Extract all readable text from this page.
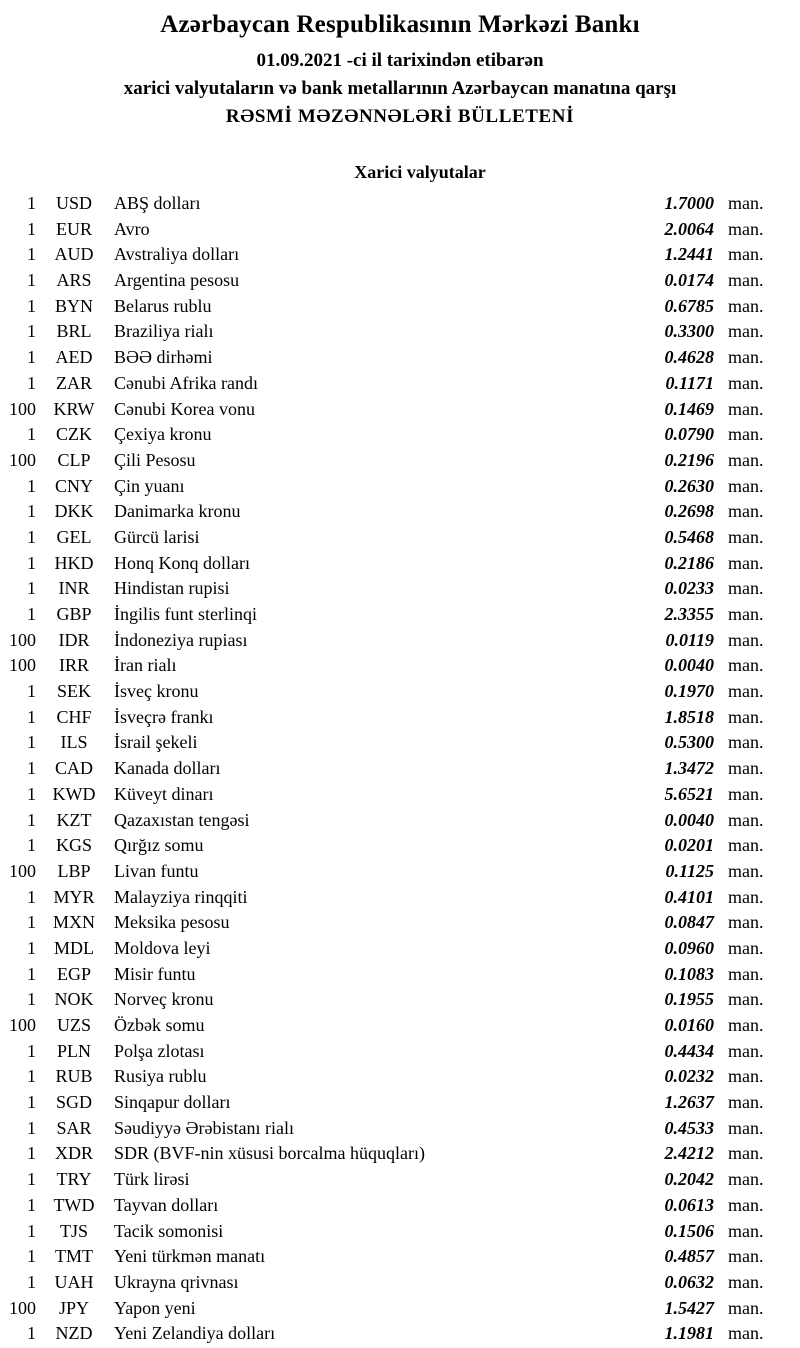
Azərbaycan Respublikasının Mərkəzi Bankı
01.09.2021 -ci il tarixindən etibarən
xarici valyutaların və bank metallarının Azərbaycan manatına qarşı
RƏSMİ MƏZƏNNƏLƏRİ BÜLLETENİ
Xarici valyutalar
1	USD	ABŞ dolları	1.7000 man.
1	EUR	Avro	2.0064 man.
1	AUD	Avstraliya dolları	1.2441 man.
1	ARS	Argentina pesosu	0.0174 man.
1	BYN	Belarus rublu	0.6785 man.
1	BRL	Braziliya rialı	0.3300 man.
1	AED	BƏƏ dirhəmi	0.4628 man.
1	ZAR	Cənubi Afrika randı	0.1171 man.
100 KRW	Cənubi Korea vonu	0.1469 man.
1	CZK	Çexiya kronu	0.0790 man.
100	CLP	Çili Pesosu	0.2196 man.
1	CNY	Çin yuanı	0.2630 man.
1	DKK	Danimarka kronu	0.2698 man.
1	GEL	Gürcü larisi	0.5468 man.
1	HKD	Honq Konq dolları	0.2186 man.
1	INR	Hindistan rupisi	0.0233 man.
1	GBP	İngilis funt sterlinqi	2.3355 man.
100	IDR	İndoneziya rupiası	0.0119 man.
100	IRR	İran rialı	0.0040 man.
1	SEK	İsveç kronu	0.1970 man.
1	CHF	İsveçrə frankı	1.8518 man.
1	ILS	İsrail şekeli	0.5300 man.
1	CAD	Kanada dolları	1.3472 man.
1 KWD	Küveyt dinarı	5.6521 man.
1	KZT	Qazaxıstan tengəsi	0.0040 man.
1	KGS	Qırğız somu	0.0201 man.
100	LBP	Livan funtu	0.1125 man.
1 MYR	Malayziya rinqqiti	0.4101 man.
1 MXN	Meksika pesosu	0.0847 man.
1	MDL	Moldova leyi	0.0960 man.
1	EGP	Misir funtu	0.1083 man.
1	NOK	Norveç kronu	0.1955 man.
100	UZS	Özbək somu	0.0160 man.
1	PLN	Polşa zlotası	0.4434 man.
1	RUB	Rusiya rublu	0.0232 man.
1	SGD	Sinqapur dolları	1.2637 man.
1	SAR	Səudiyyə Ərəbistanı rialı	0.4533 man.
1	XDR	SDR (BVF-nin xüsusi borcalma hüquqları)	2.4212 man.
1	TRY	Türk lirəsi	0.2042 man.
1 TWD	Tayvan dolları	0.0613 man.
1	TJS	Tacik somonisi	0.1506 man.
1	TMT	Yeni türkmən manatı	0.4857 man.
1	UAH	Ukrayna qrivnası	0.0632 man.
100	JPY	Yapon yeni	1.5427 man.
1	NZD	Yeni Zelandiya dolları	1.1981 man.
